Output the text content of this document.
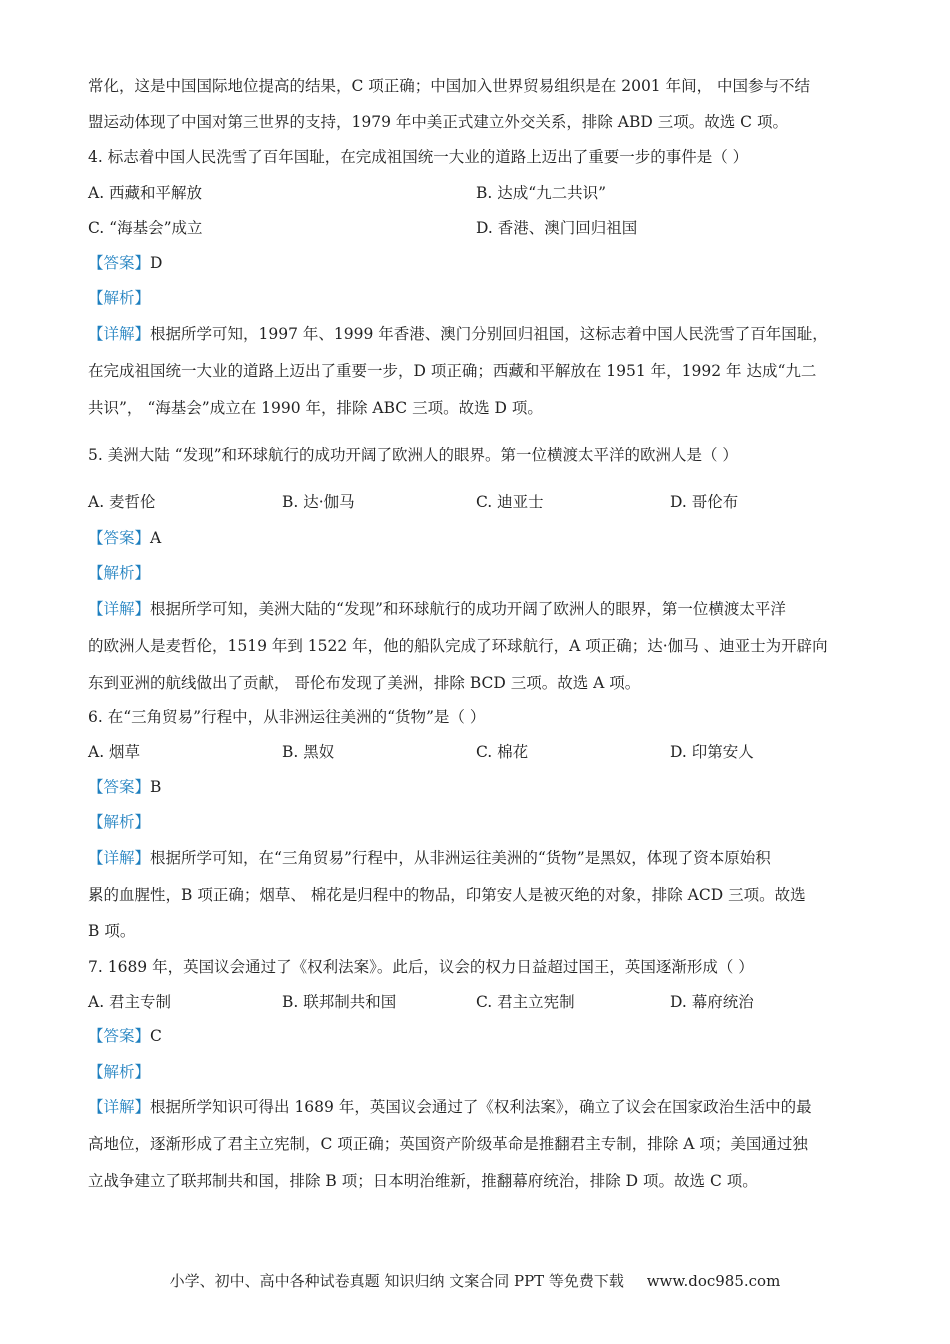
常化，这是中国国际地位提高的结果，C 项正确；中国加入世界贸易组织是在 2001 年间， 中国参与不结
盟运动体现了中国对第三世界的支持，1979 年中美正式建立外交关系，排除 ABD 三项。故选 C 项。
4. 标志着中国人民洗雪了百年国耻，在完成祖国统一大业的道路上迈出了重要一步的事件是（ ）
A. 西藏和平解放	B. 达成“九二共识”
C. “海基会”成立	D. 香港、澳门回归祖国
【答案】D
【解析】
【详解】根据所学可知，1997 年、1999 年香港、澳门分别回归祖国，这标志着中国人民洗雪了百年国耻，
在完成祖国统一大业的道路上迈出了重要一步，D 项正确；西藏和平解放在 1951 年，1992 年 达成“九二
共识”， “海基会”成立在 1990 年，排除 ABC 三项。故选 D 项。
5. 美洲大陆 “发现”和环球航行的成功开阔了欧洲人的眼界。第一位横渡太平洋的欧洲人是（ ）
A. 麦哲伦	B. 达·伽马	C. 迪亚士	D. 哥伦布
【答案】A
【解析】
【详解】根据所学可知，美洲大陆的“发现”和环球航行的成功开阔了欧洲人的眼界，第一位横渡太平洋
的欧洲人是麦哲伦，1519 年到 1522 年，他的船队完成了环球航行，A 项正确；达·伽马 、迪亚士为开辟向
东到亚洲的航线做出了贡献， 哥伦布发现了美洲，排除 BCD 三项。故选 A 项。
6. 在“三角贸易”行程中，从非洲运往美洲的“货物”是（ ）
A. 烟草	B. 黑奴	C. 棉花	D. 印第安人
【答案】B
【解析】
【详解】根据所学可知，在“三角贸易”行程中，从非洲运往美洲的“货物”是黑奴，体现了资本原始积
累的血腥性，B 项正确；烟草、 棉花是归程中的物品，印第安人是被灭绝的对象，排除 ACD 三项。故选
B 项。
7. 1689 年，英国议会通过了《权利法案》。此后，议会的权力日益超过国王，英国逐渐形成（ ）
A. 君主专制	B. 联邦制共和国	C. 君主立宪制	D. 幕府统治
【答案】C
【解析】
【详解】根据所学知识可得出 1689 年，英国议会通过了《权利法案》，确立了议会在国家政治生活中的最
高地位，逐渐形成了君主立宪制，C 项正确；英国资产阶级革命是推翻君主专制，排除 A 项；美国通过独
立战争建立了联邦制共和国，排除 B 项；日本明治维新，推翻幕府统治，排除 D 项。故选 C 项。
小学、初中、高中各种试卷真题 知识归纳 文案合同 PPT 等免费下载 www.doc985.com
